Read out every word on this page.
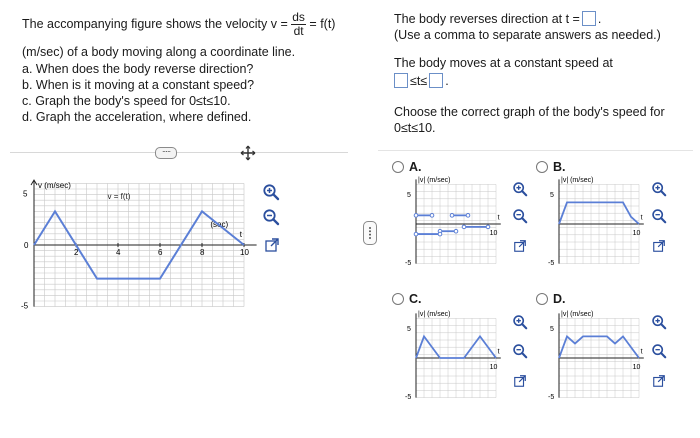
The accompanying figure shows the velocity $v = \frac{ds}{dt} = f(t)$
(m/sec) of a body moving along a coordinate line.
a. When does the body reverse direction?
b. When is it moving at a constant speed?
c. Graph the body's speed for 0≤t≤10.
d. Graph the acceleration, where defined.
·····
v (m/sec)
v = f(t)
(sec)
t
5
0
-5
2	4	6	8	10
The body reverses direction at t = .
(Use a comma to separate answers as needed.)
The body moves at a constant speed at
≤t≤ .
Choose the correct graph of the body's speed for
0≤t≤10.
A.
|v| (m/sec)
5
-5
10
t
B.
|v| (m/sec)
5
-5
10
t
C.
|v| (m/sec)
5
-5
10
t
D.
|v| (m/sec)
5
-5
10
t
